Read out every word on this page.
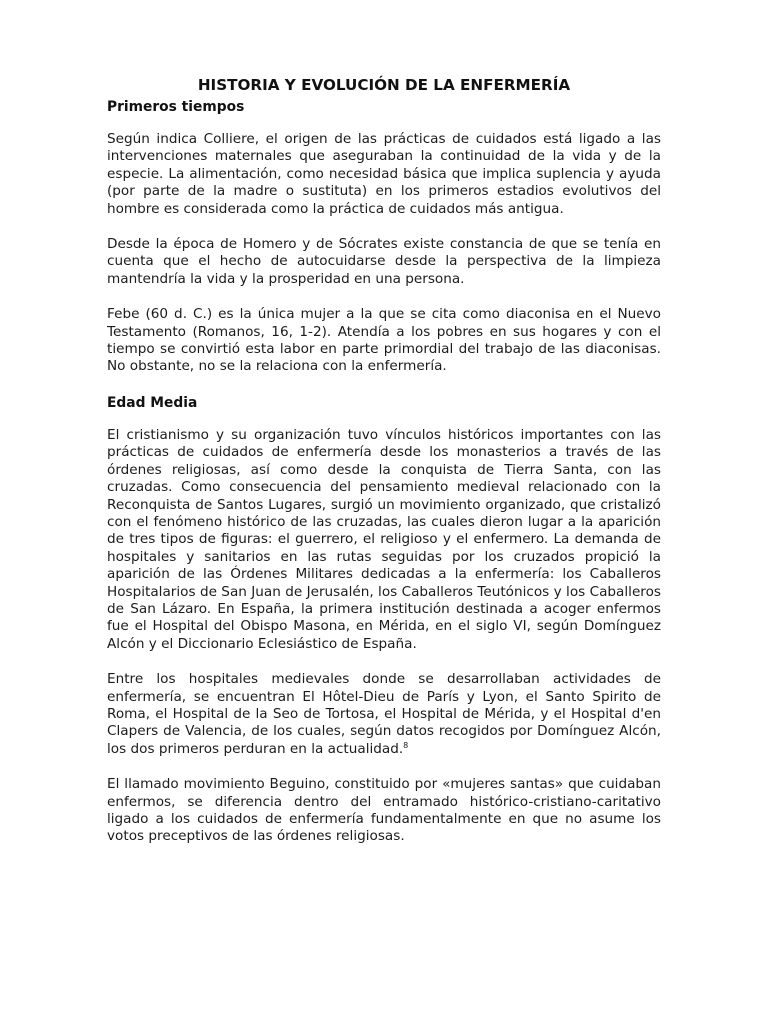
HISTORIA Y EVOLUCIÓN DE LA ENFERMERÍA
Primeros tiempos

Según indica Colliere, el origen de las prácticas de cuidados está ligado a las intervenciones maternales que aseguraban la continuidad de la vida y de la especie. La alimentación, como necesidad básica que implica suplencia y ayuda (por parte de la madre o sustituta) en los primeros estadios evolutivos del hombre es considerada como la práctica de cuidados más antigua.

Desde la época de Homero y de Sócrates existe constancia de que se tenía en cuenta que el hecho de autocuidarse desde la perspectiva de la limpieza mantendría la vida y la prosperidad en una persona.

Febe (60 d. C.) es la única mujer a la que se cita como diaconisa en el Nuevo Testamento (Romanos, 16, 1-2). Atendía a los pobres en sus hogares y con el tiempo se convirtió esta labor en parte primordial del trabajo de las diaconisas. No obstante, no se la relaciona con la enfermería.

Edad Media

El cristianismo y su organización tuvo vínculos históricos importantes con las prácticas de cuidados de enfermería desde los monasterios a través de las órdenes religiosas, así como desde la conquista de Tierra Santa, con las cruzadas. Como consecuencia del pensamiento medieval relacionado con la Reconquista de Santos Lugares, surgió un movimiento organizado, que cristalizó con el fenómeno histórico de las cruzadas, las cuales dieron lugar a la aparición de tres tipos de figuras: el guerrero, el religioso y el enfermero. La demanda de hospitales y sanitarios en las rutas seguidas por los cruzados propició la aparición de las Órdenes Militares dedicadas a la enfermería: los Caballeros Hospitalarios de San Juan de Jerusalén, los Caballeros Teutónicos y los Caballeros de San Lázaro. En España, la primera institución destinada a acoger enfermos fue el Hospital del Obispo Masona, en Mérida, en el siglo VI, según Domínguez Alcón y el Diccionario Eclesiástico de España.

Entre los hospitales medievales donde se desarrollaban actividades de enfermería, se encuentran El Hôtel-Dieu de París y Lyon, el Santo Spirito de Roma, el Hospital de la Seo de Tortosa, el Hospital de Mérida, y el Hospital d'en Clapers de Valencia, de los cuales, según datos recogidos por Domínguez Alcón, los dos primeros perduran en la actualidad.$^8$

El llamado movimiento Beguino, constituido por «mujeres santas» que cuidaban enfermos, se diferencia dentro del entramado histórico-cristiano-caritativo ligado a los cuidados de enfermería fundamentalmente en que no asume los votos preceptivos de las órdenes religiosas.
